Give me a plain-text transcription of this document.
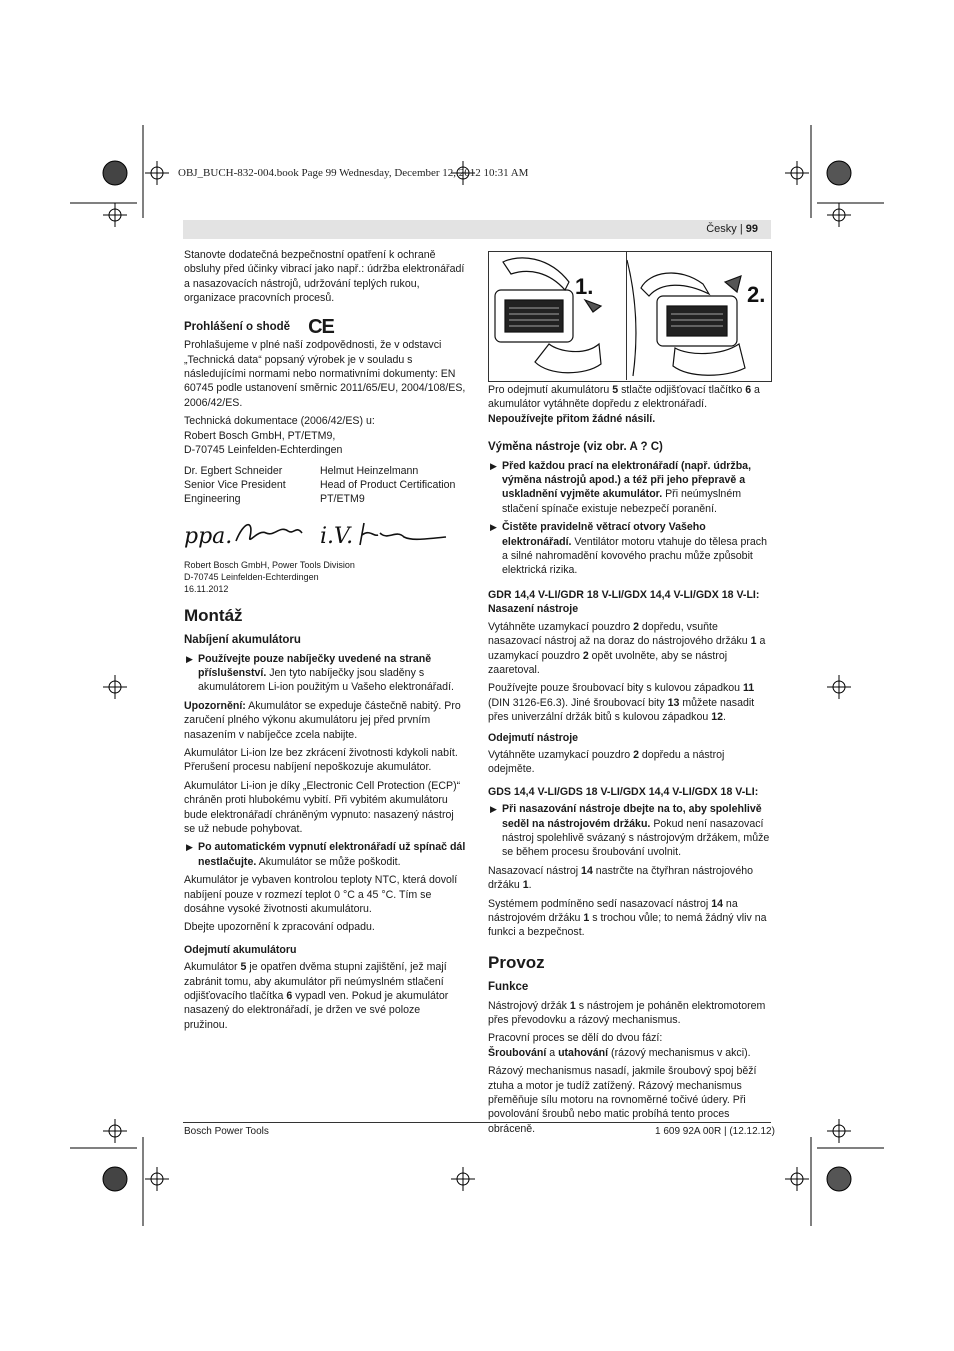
OBJ_BUCH-832-004.book Page 99 Wednesday, December 12, 2012 10:31 AM
Česky | 99

Stanovte dodatečná bezpečnostní opatření k ochraně obsluhy před účinky vibrací jako např.: údržba elektronářadí a nasazovacích nástrojů, udržování teplých rukou, organizace pracovních procesů.

Prohlášení o shodě CE

Prohlašujeme v plné naší zodpovědnosti, že v odstavci „Technická data“ popsaný výrobek je v souladu s následujícími normami nebo normativními dokumenty: EN 60745 podle ustanovení směrnic 2011/65/EU, 2004/108/ES, 2006/42/ES.

Technická dokumentace (2006/42/ES) u:
Robert Bosch GmbH, PT/ETM9,
D-70745 Leinfelden-Echterdingen

Dr. Egbert Schneider
Senior Vice President
Engineering
Helmut Heinzelmann
Head of Product Certification
PT/ETM9
ppa.	i.V.

Robert Bosch GmbH, Power Tools Division
D-70745 Leinfelden-Echterdingen
16.11.2012

Montáž
Nabíjení akumulátoru

▶ Používejte pouze nabíječky uvedené na straně příslušenství. Jen tyto nabíječky jsou sladěny s akumulátorem Li-ion použitým u Vašeho elektronářadí.

Upozornění: Akumulátor se expeduje částečně nabitý. Pro zaručení plného výkonu akumulátoru jej před prvním nasazením v nabíječce zcela nabijte.

Akumulátor Li-ion lze bez zkrácení životnosti kdykoli nabít. Přerušení procesu nabíjení nepoškozuje akumulátor.

Akumulátor Li-ion je díky „Electronic Cell Protection (ECP)“ chráněn proti hlubokému vybití. Při vybitém akumulátoru bude elektronářadí chráněným vypnuto: nasazený nástroj se už nebude pohybovat.

▶ Po automatickém vypnutí elektronářadí už spínač dál nestlačujte. Akumulátor se může poškodit.

Akumulátor je vybaven kontrolou teploty NTC, která dovolí nabíjení pouze v rozmezí teplot 0 °C a 45 °C. Tím se dosáhne vysoké životnosti akumulátoru.

Dbejte upozornění k zpracování odpadu.

Odejmutí akumulátoru

Akumulátor 5 je opatřen dvěma stupni zajištění, jež mají zabránit tomu, aby akumulátor při neúmyslném stlačení odjišťovacího tlačítka 6 vypadl ven. Pokud je akumulátor nasazený do elektronářadí, je držen ve své poloze pružinou.

1.	2.

Pro odejmutí akumulátoru 5 stlačte odjišťovací tlačítko 6 a akumulátor vytáhněte dopředu z elektronářadí. Nepoužívejte přitom žádné násilí.

Výměna nástroje (viz obr. A ? C)

▶ Před každou prací na elektronářadí (např. údržba, výměna nástrojů apod.) a též při jeho přepravě a uskladnění vyjměte akumulátor. Při neúmyslném stlačení spínače existuje nebezpečí poranění.

▶ Čistěte pravidelně větrací otvory Vašeho elektronářadí. Ventilátor motoru vtahuje do tělesa prach a silné nahromadění kovového prachu může způsobit elektrická rizika.

GDR 14,4 V-LI/GDR 18 V-LI/GDX 14,4 V-LI/GDX 18 V-LI:
Nasazení nástroje

Vytáhněte uzamykací pouzdro 2 dopředu, vsuňte nasazovací nástroj až na doraz do nástrojového držáku 1 a uzamykací pouzdro 2 opět uvolněte, aby se nástroj zaaretoval.

Používejte pouze šroubovací bity s kulovou západkou 11 (DIN 3126-E6.3). Jiné šroubovací bity 13 můžete nasadit přes univerzální držák bitů s kulovou západkou 12.

Odejmutí nástroje

Vytáhněte uzamykací pouzdro 2 dopředu a nástroj odejměte.

GDS 14,4 V-LI/GDS 18 V-LI/GDX 14,4 V-LI/GDX 18 V-LI:

▶ Při nasazování nástroje dbejte na to, aby spolehlivě seděl na nástrojovém držáku. Pokud není nasazovací nástroj spolehlivě svázaný s nástrojovým držákem, může se během procesu šroubování uvolnit.

Nasazovací nástroj 14 nastrčte na čtyřhran nástrojového držáku 1.

Systémem podmíněno sedí nasazovací nástroj 14 na nástrojovém držáku 1 s trochou vůle; to nemá žádný vliv na funkci a bezpečnost.

Provoz
Funkce

Nástrojový držák 1 s nástrojem je poháněn elektromotorem přes převodovku a rázový mechanismus.

Pracovní proces se dělí do dvou fází:
Šroubování a utahování (rázový mechanismus v akci).

Rázový mechanismus nasadí, jakmile šroubový spoj běží ztuha a motor je tudíž zatížený. Rázový mechanismus přeměňuje sílu motoru na rovnoměrné točivé údery. Při povolování šroubů nebo matic probíhá tento proces obráceně.

Bosch Power Tools	1 609 92A 00R | (12.12.12)
